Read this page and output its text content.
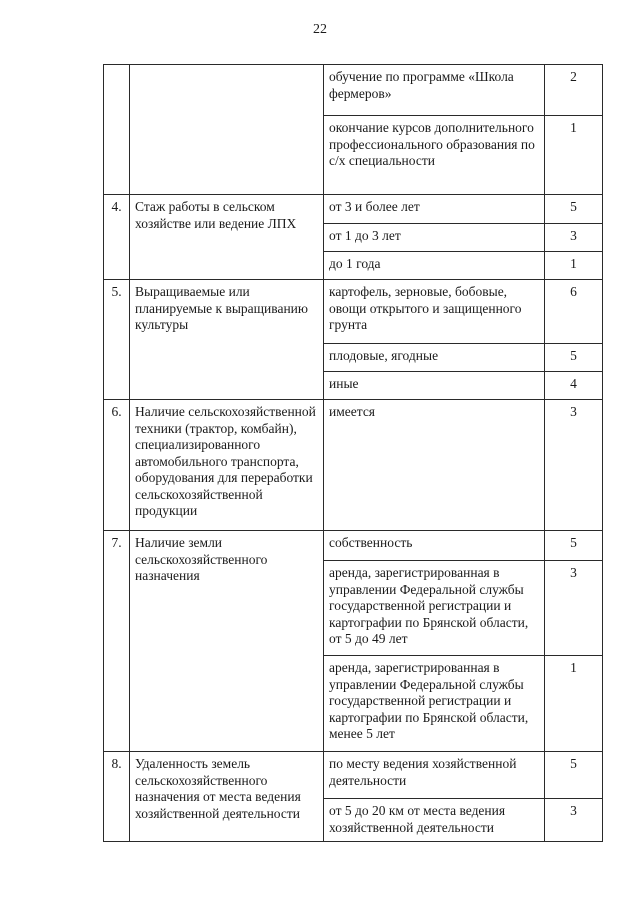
22
		обучение по программе «Школа фермеров»	2
		окончание курсов дополнительного профессионального образования по с/х специальности	1
4.	Стаж работы в сельском хозяйстве или ведение ЛПХ	от 3 и более лет	5
		от 1 до 3 лет	3
		до 1 года	1
5.	Выращиваемые или планируемые к выращиванию культуры	картофель, зерновые, бобовые, овощи открытого и защищенного грунта	6
		плодовые, ягодные	5
		иные	4
6.	Наличие сельскохозяйственной техники (трактор, комбайн), специализированного автомобильного транспорта, оборудования для переработки сельскохозяйственной продукции	имеется	3
7.	Наличие земли сельскохозяйственного назначения	собственность	5
		аренда, зарегистрированная в управлении Федеральной службы государственной регистрации и картографии по Брянской области, от 5 до 49 лет	3
		аренда, зарегистрированная в управлении Федеральной службы государственной регистрации и картографии по Брянской области, менее 5 лет	1
8.	Удаленность земель сельскохозяйственного назначения от места ведения хозяйственной деятельности	по месту ведения хозяйственной деятельности	5
		от 5 до 20 км от места ведения хозяйственной деятельности	3
